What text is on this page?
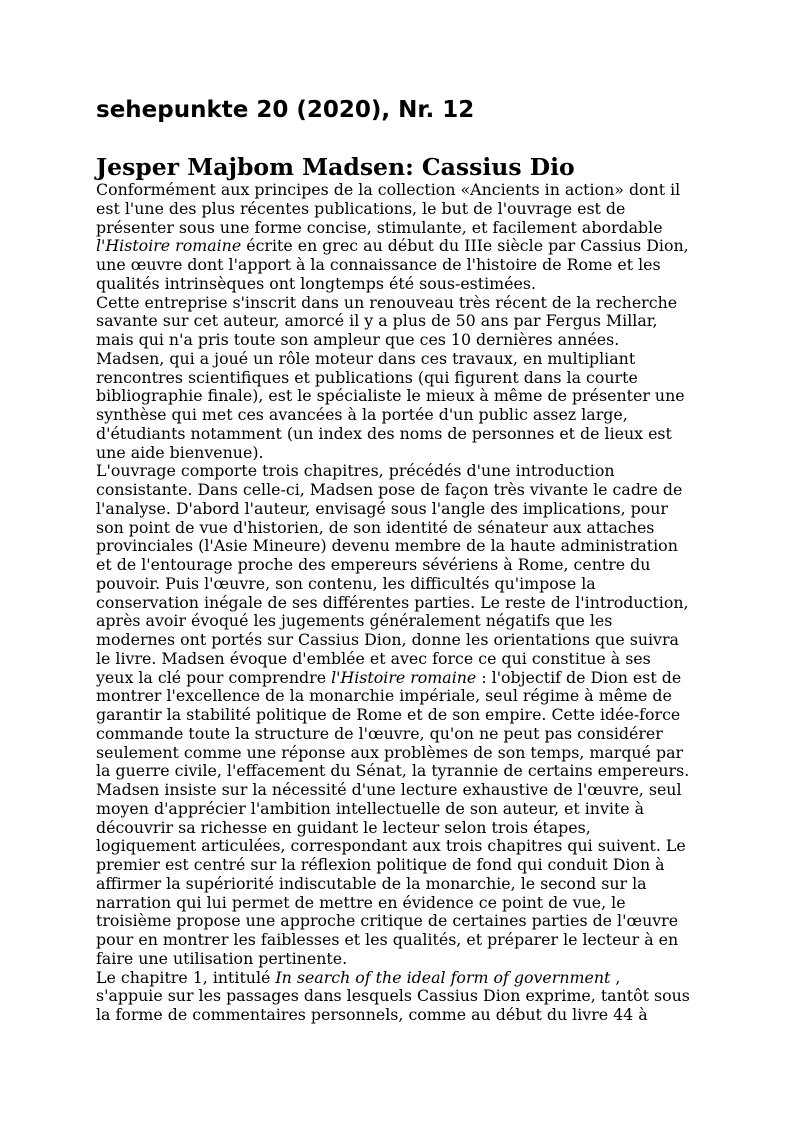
sehepunkte 20 (2020), Nr. 12
Jesper Majbom Madsen: Cassius Dio
Conformément aux principes de la collection «Ancients in action» dont il
est l'une des plus récentes publications, le but de l'ouvrage est de
présenter sous une forme concise, stimulante, et facilement abordable
l'Histoire romaine écrite en grec au début du IIIe siècle par Cassius Dion,
une œuvre dont l'apport à la connaissance de l'histoire de Rome et les
qualités intrinsèques ont longtemps été sous-estimées.
Cette entreprise s'inscrit dans un renouveau très récent de la recherche
savante sur cet auteur, amorcé il y a plus de 50 ans par Fergus Millar,
mais qui n'a pris toute son ampleur que ces 10 dernières années.
Madsen, qui a joué un rôle moteur dans ces travaux, en multipliant
rencontres scientifiques et publications (qui figurent dans la courte
bibliographie finale), est le spécialiste le mieux à même de présenter une
synthèse qui met ces avancées à la portée d'un public assez large,
d'étudiants notamment (un index des noms de personnes et de lieux est
une aide bienvenue).
L'ouvrage comporte trois chapitres, précédés d'une introduction
consistante. Dans celle-ci, Madsen pose de façon très vivante le cadre de
l'analyse. D'abord l'auteur, envisagé sous l'angle des implications, pour
son point de vue d'historien, de son identité de sénateur aux attaches
provinciales (l'Asie Mineure) devenu membre de la haute administration
et de l'entourage proche des empereurs sévériens à Rome, centre du
pouvoir. Puis l'œuvre, son contenu, les difficultés qu'impose la
conservation inégale de ses différentes parties. Le reste de l'introduction,
après avoir évoqué les jugements généralement négatifs que les
modernes ont portés sur Cassius Dion, donne les orientations que suivra
le livre. Madsen évoque d'emblée et avec force ce qui constitue à ses
yeux la clé pour comprendre l'Histoire romaine : l'objectif de Dion est de
montrer l'excellence de la monarchie impériale, seul régime à même de
garantir la stabilité politique de Rome et de son empire. Cette idée-force
commande toute la structure de l'œuvre, qu'on ne peut pas considérer
seulement comme une réponse aux problèmes de son temps, marqué par
la guerre civile, l'effacement du Sénat, la tyrannie de certains empereurs.
Madsen insiste sur la nécessité d'une lecture exhaustive de l'œuvre, seul
moyen d'apprécier l'ambition intellectuelle de son auteur, et invite à
découvrir sa richesse en guidant le lecteur selon trois étapes,
logiquement articulées, correspondant aux trois chapitres qui suivent. Le
premier est centré sur la réflexion politique de fond qui conduit Dion à
affirmer la supériorité indiscutable de la monarchie, le second sur la
narration qui lui permet de mettre en évidence ce point de vue, le
troisième propose une approche critique de certaines parties de l'œuvre
pour en montrer les faiblesses et les qualités, et préparer le lecteur à en
faire une utilisation pertinente.
Le chapitre 1, intitulé In search of the ideal form of government ,
s'appuie sur les passages dans lesquels Cassius Dion exprime, tantôt sous
la forme de commentaires personnels, comme au début du livre 44 à
